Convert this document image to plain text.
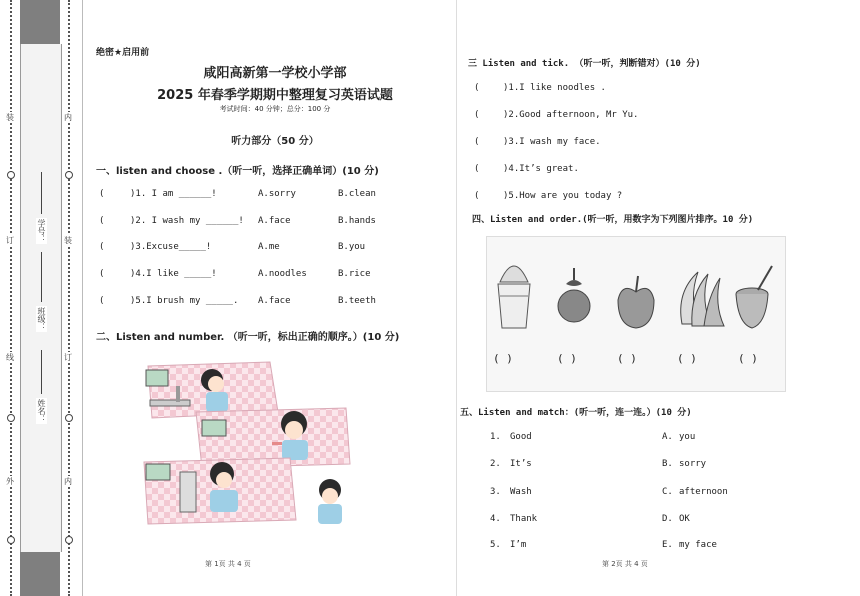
装
订
线
外
内
装
订
内
学号：
班级：
姓名：
绝密★启用前
咸阳高新第一学校小学部
2025 年春季学期期中整理复习英语试题
考试时间：40 分钟；总分：100 分
听力部分（50 分）
一、listen and choose .（听一听，选择正确单词）(10 分)
(	)1. I am ______!	A.sorry	B.clean
(	)2. I wash my ______! A.face	B.hands
(	)3.Excuse_____!	A.me	B.you
(	)4.I like _____!	A.noodles	B.rice
(	)5.I brush my _____. A.face	B.teeth
二、Listen and number. （听一听，标出正确的顺序。）(10 分)
第 1页 共 4 页
三 Listen and tick. （听一听，判断错对）(10 分)
(	)1.I like noodles .
(	)2.Good afternoon, Mr Yu.
(	)3.I wash my face.
(	)4.It’s great.
(	)5.How are you today ?
四、Listen and order.(听一听，用数字为下列图片排序。10 分)
( )	( )	( )	( )	( )
五、Listen and match：(听一听，连一连。）(10 分)
1. Good	A. you
2. It’s	B. sorry
3. Wash	C. afternoon
4. Thank	D. OK
5. I’m	E. my face
第 2页 共 4 页
